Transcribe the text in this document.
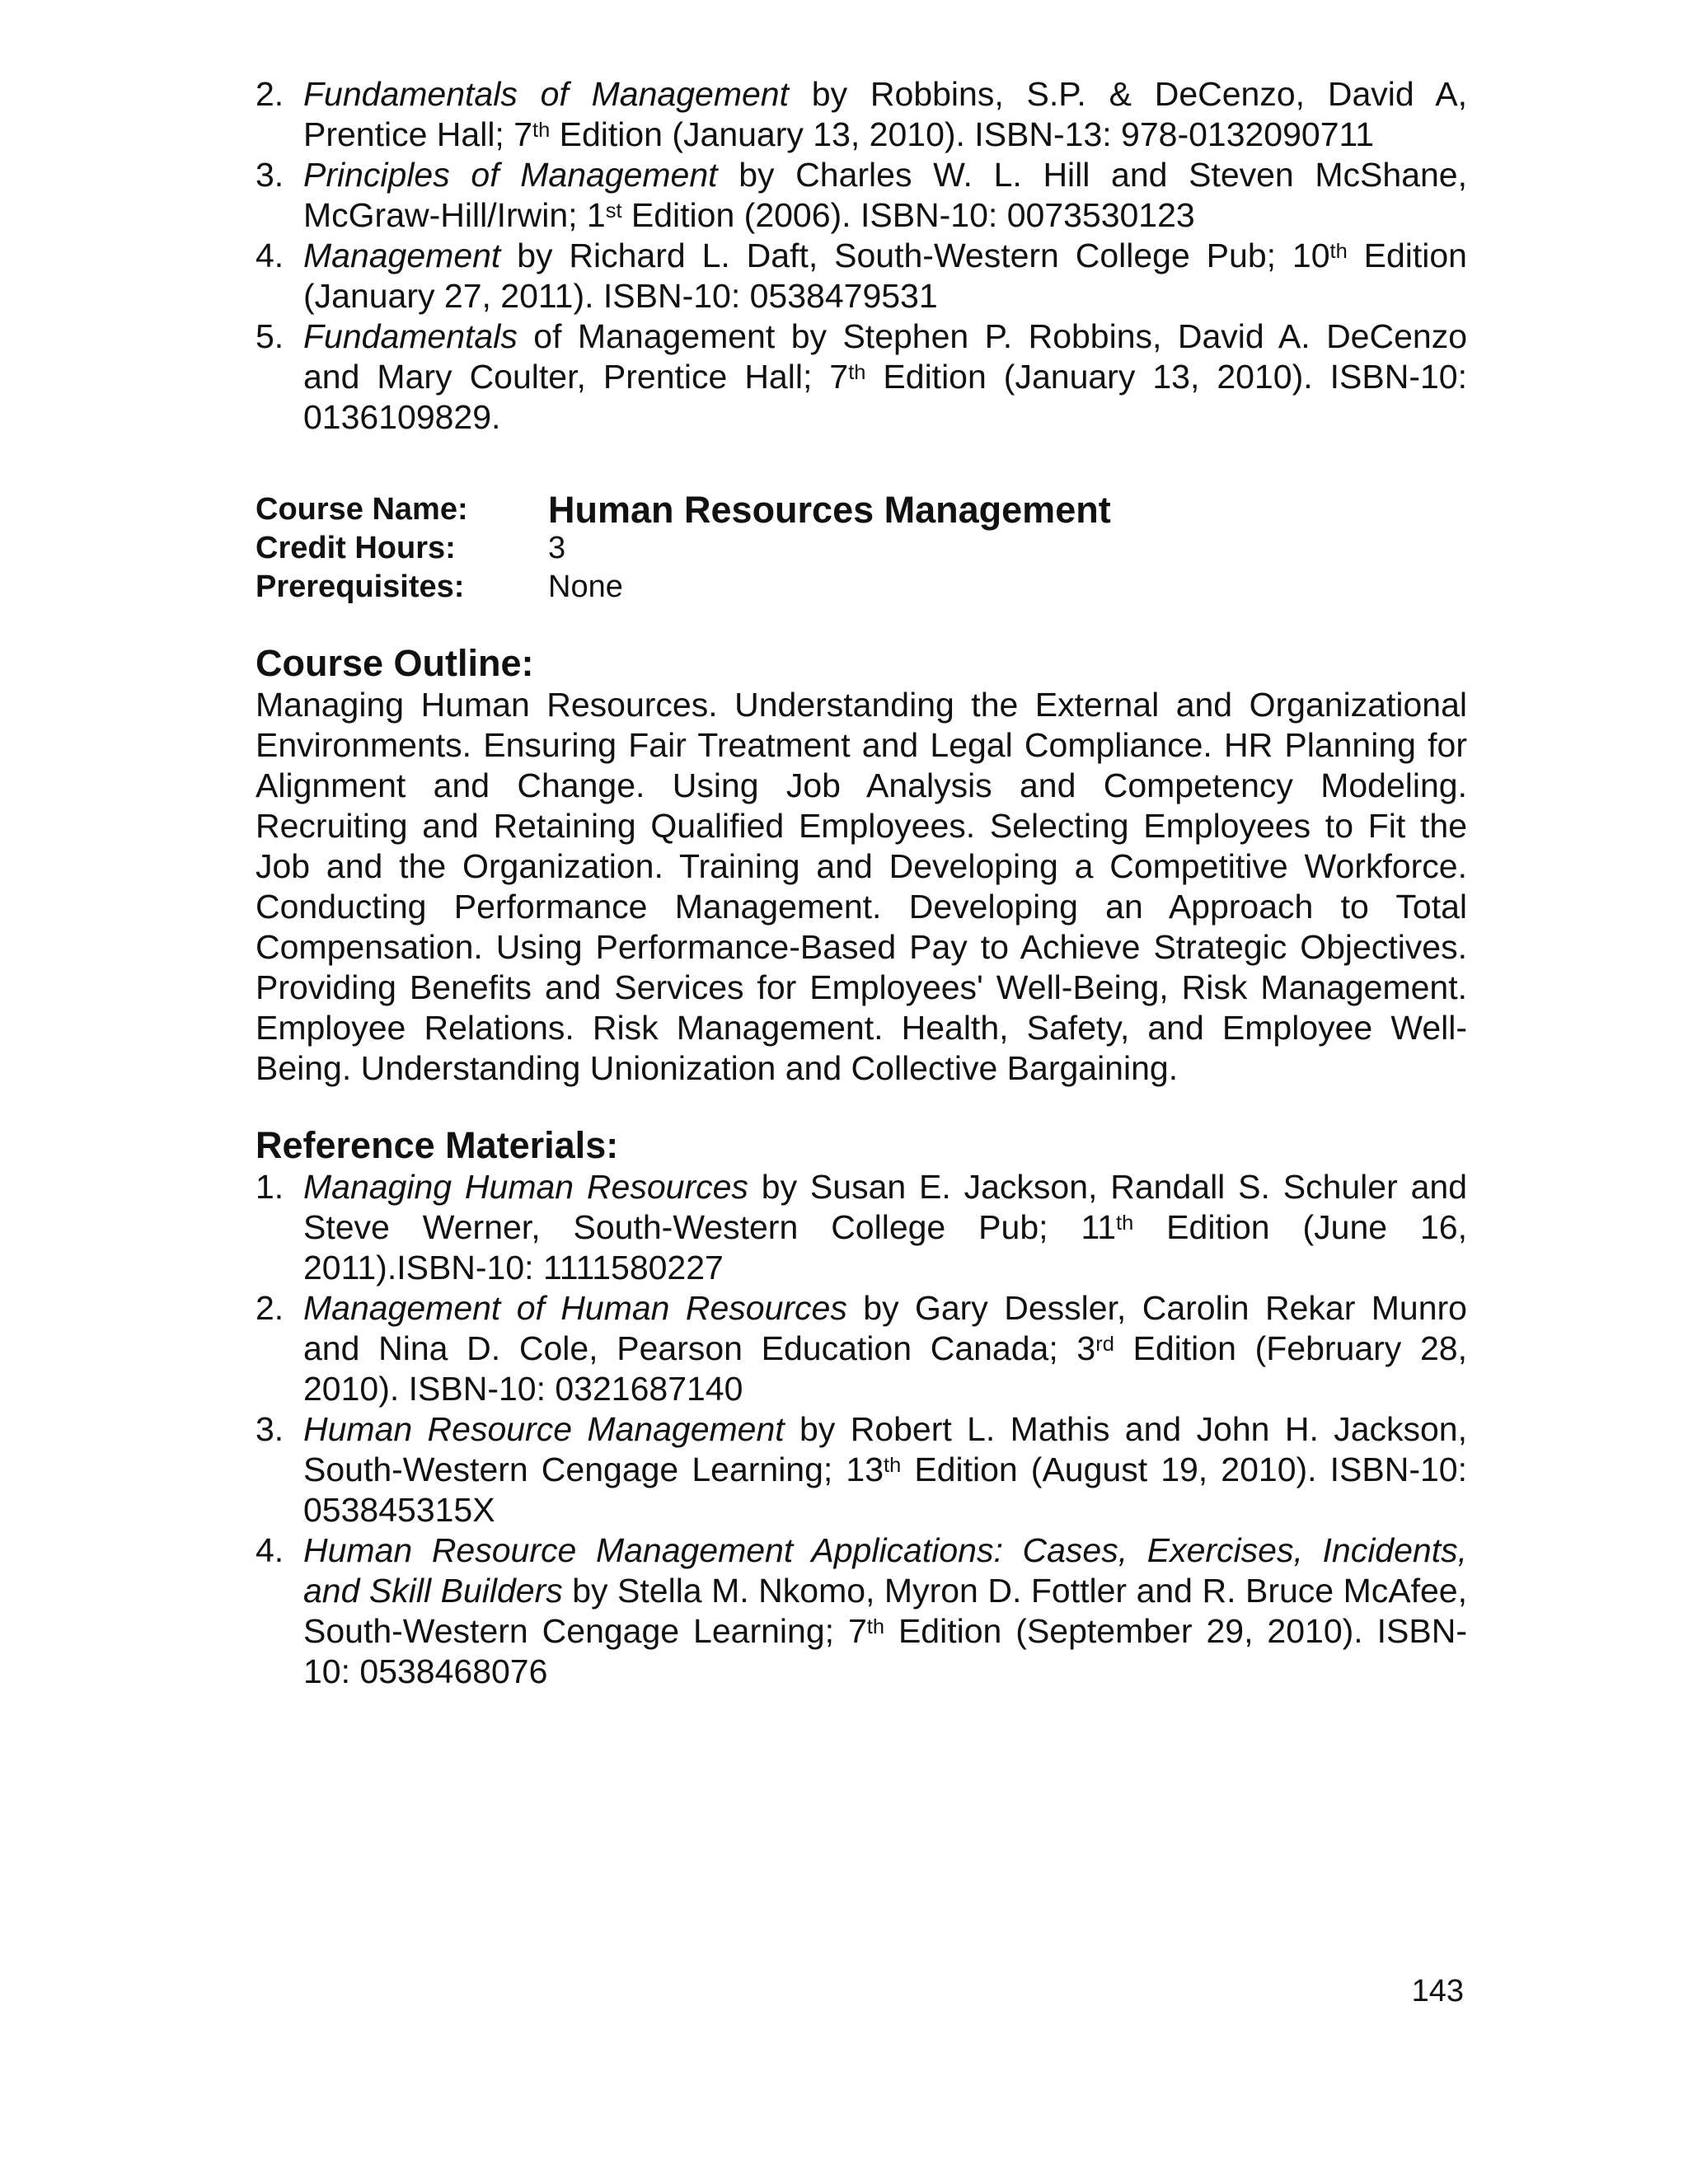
2. Fundamentals of Management by Robbins, S.P. & DeCenzo, David A, Prentice Hall; 7th Edition (January 13, 2010). ISBN-13: 978-0132090711
3. Principles of Management by Charles W. L. Hill and Steven McShane, McGraw-Hill/Irwin; 1st Edition (2006). ISBN-10: 0073530123
4. Management by Richard L. Daft, South-Western College Pub; 10th Edition (January 27, 2011). ISBN-10: 0538479531
5. Fundamentals of Management by Stephen P. Robbins, David A. DeCenzo and Mary Coulter, Prentice Hall; 7th Edition (January 13, 2010). ISBN-10: 0136109829.
Course Name:	Human Resources Management
Credit Hours:	3
Prerequisites:	None
Course Outline:

Managing Human Resources. Understanding the External and Organizational Environments. Ensuring Fair Treatment and Legal Compliance. HR Planning for Alignment and Change. Using Job Analysis and Competency Modeling. Recruiting and Retaining Qualified Employees. Selecting Employees to Fit the Job and the Organization. Training and Developing a Competitive Workforce. Conducting Performance Management. Developing an Approach to Total Compensation. Using Performance-Based Pay to Achieve Strategic Objectives. Providing Benefits and Services for Employees' Well-Being, Risk Management. Employee Relations. Risk Management. Health, Safety, and Employee Well-Being. Understanding Unionization and Collective Bargaining.

Reference Materials:
1. Managing Human Resources by Susan E. Jackson, Randall S. Schuler and Steve Werner, South-Western College Pub; 11th Edition (June 16, 2011).ISBN-10: 1111580227
2. Management of Human Resources by Gary Dessler, Carolin Rekar Munro and Nina D. Cole, Pearson Education Canada; 3rd Edition (February 28, 2010). ISBN-10: 0321687140
3. Human Resource Management by Robert L. Mathis and John H. Jackson, South-Western Cengage Learning; 13th Edition (August 19, 2010). ISBN-10: 053845315X
4. Human Resource Management Applications: Cases, Exercises, Incidents, and Skill Builders by Stella M. Nkomo, Myron D. Fottler and R. Bruce McAfee, South-Western Cengage Learning; 7th Edition (September 29, 2010). ISBN-10: 0538468076
143
